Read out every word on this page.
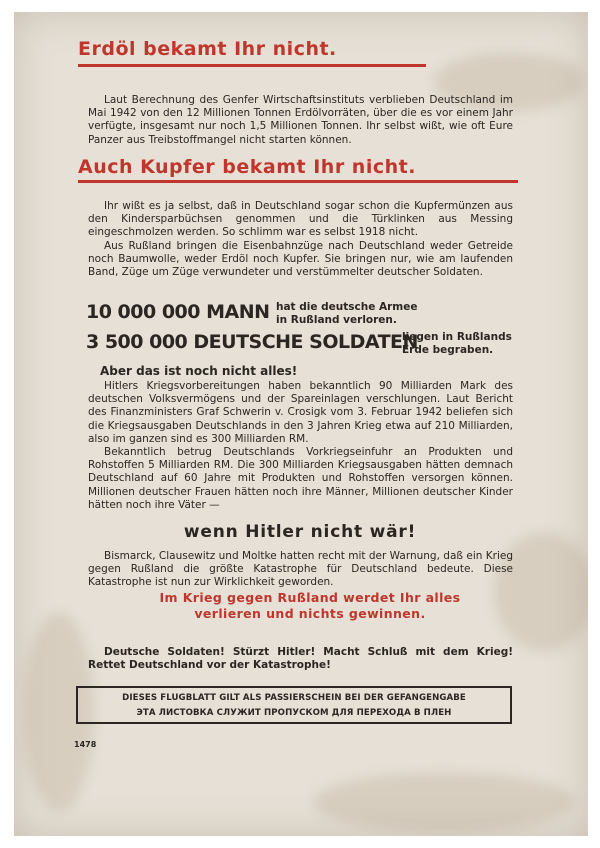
Erdöl bekamt Ihr nicht.

Laut Berechnung des Genfer Wirtschaftsinstituts verblieben Deutschland im Mai 1942 von den 12 Millionen Tonnen Erdölvorräten, über die es vor einem Jahr verfügte, insgesamt nur noch 1,5 Millionen Tonnen. Ihr selbst wißt, wie oft Eure Panzer aus Treibstoffmangel nicht starten können.

Auch Kupfer bekamt Ihr nicht.

Ihr wißt es ja selbst, daß in Deutschland sogar schon die Kupfermünzen aus den Kindersparbüchsen genommen und die Türklinken aus Messing eingeschmolzen werden. So schlimm war es selbst 1918 nicht.

Aus Rußland bringen die Eisenbahnzüge nach Deutschland weder Getreide noch Baumwolle, weder Erdöl noch Kupfer. Sie bringen nur, wie am laufenden Band, Züge um Züge verwundeter und verstümmelter deutscher Soldaten.

10 000 000 MANN hat die deutsche Armee
in Rußland verloren.
3 500 000 DEUTSCHE SOLDATEN
liegen in Rußlands
Erde begraben.
Aber das ist noch nicht alles!

Hitlers Kriegsvorbereitungen haben bekanntlich 90 Milliarden Mark des deutschen Volksvermögens und der Spareinlagen verschlungen. Laut Bericht des Finanzministers Graf Schwerin v. Crosigk vom 3. Februar 1942 beliefen sich die Kriegsausgaben Deutschlands in den 3 Jahren Krieg etwa auf 210 Milliarden, also im ganzen sind es 300 Milliarden RM.

Bekanntlich betrug Deutschlands Vorkriegseinfuhr an Produkten und Rohstoffen 5 Milliarden RM. Die 300 Milliarden Kriegsausgaben hätten demnach Deutschland auf 60 Jahre mit Produkten und Rohstoffen versorgen können. Millionen deutscher Frauen hätten noch ihre Männer, Millionen deutscher Kinder hätten noch ihre Väter —

wenn Hitler nicht wär!

Bismarck, Clausewitz und Moltke hatten recht mit der Warnung, daß ein Krieg gegen Rußland die größte Katastrophe für Deutschland bedeute. Diese Katastrophe ist nun zur Wirklichkeit geworden.

Im Krieg gegen Rußland werdet Ihr alles
verlieren und nichts gewinnen.

Deutsche Soldaten! Stürzt Hitler! Macht Schluß mit dem Krieg! Rettet Deutschland vor der Katastrophe!

DIESES FLUGBLATT GILT ALS PASSIERSCHEIN BEI DER GEFANGENGABE
ЭТА ЛИСТОВКА СЛУЖИТ ПРОПУСКОМ ДЛЯ ПЕРЕХОДА В ПЛЕН
1478
